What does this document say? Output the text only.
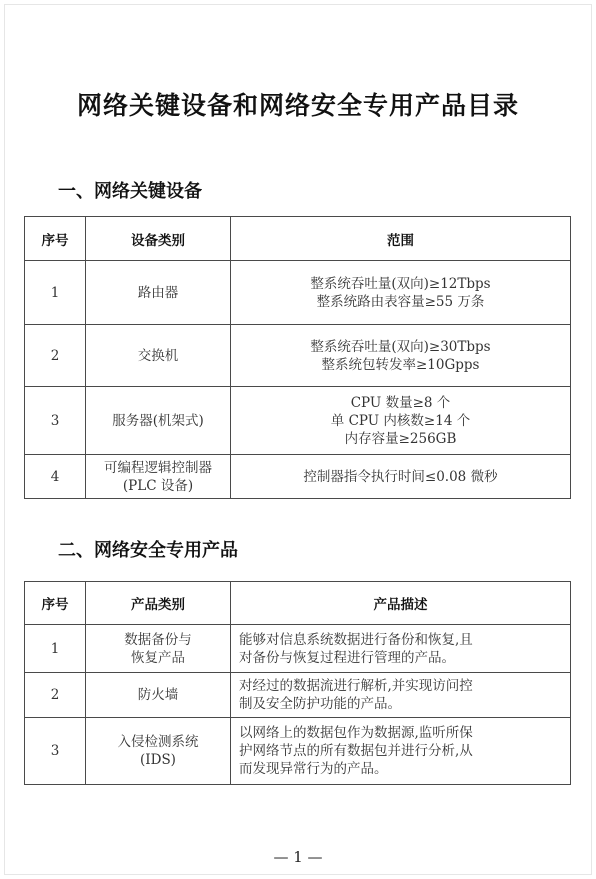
网络关键设备和网络安全专用产品目录
一、网络关键设备
序号	设备类别	范围
1	路由器	整系统吞吐量(双向)≥12Tbps
整系统路由表容量≥55 万条

2	交换机	整系统吞吐量(双向)≥30Tbps
整系统包转发率≥10Gpps

3	服务器(机架式)	CPU 数量≥8 个
单 CPU 内核数≥14 个
内存容量≥256GB

4	可编程逻辑控制器
(PLC 设备)	控制器指令执行时间≤0.08 微秒
二、网络安全专用产品
序号	产品类别	产品描述
1	数据备份与
恢复产品	能够对信息系统数据进行备份和恢复,且
对备份与恢复过程进行管理的产品。

2	防火墙	对经过的数据流进行解析,并实现访问控
制及安全防护功能的产品。

3	入侵检测系统
(IDS)	以网络上的数据包作为数据源,监听所保
护网络节点的所有数据包并进行分析,从
而发现异常行为的产品。
— 1 —
